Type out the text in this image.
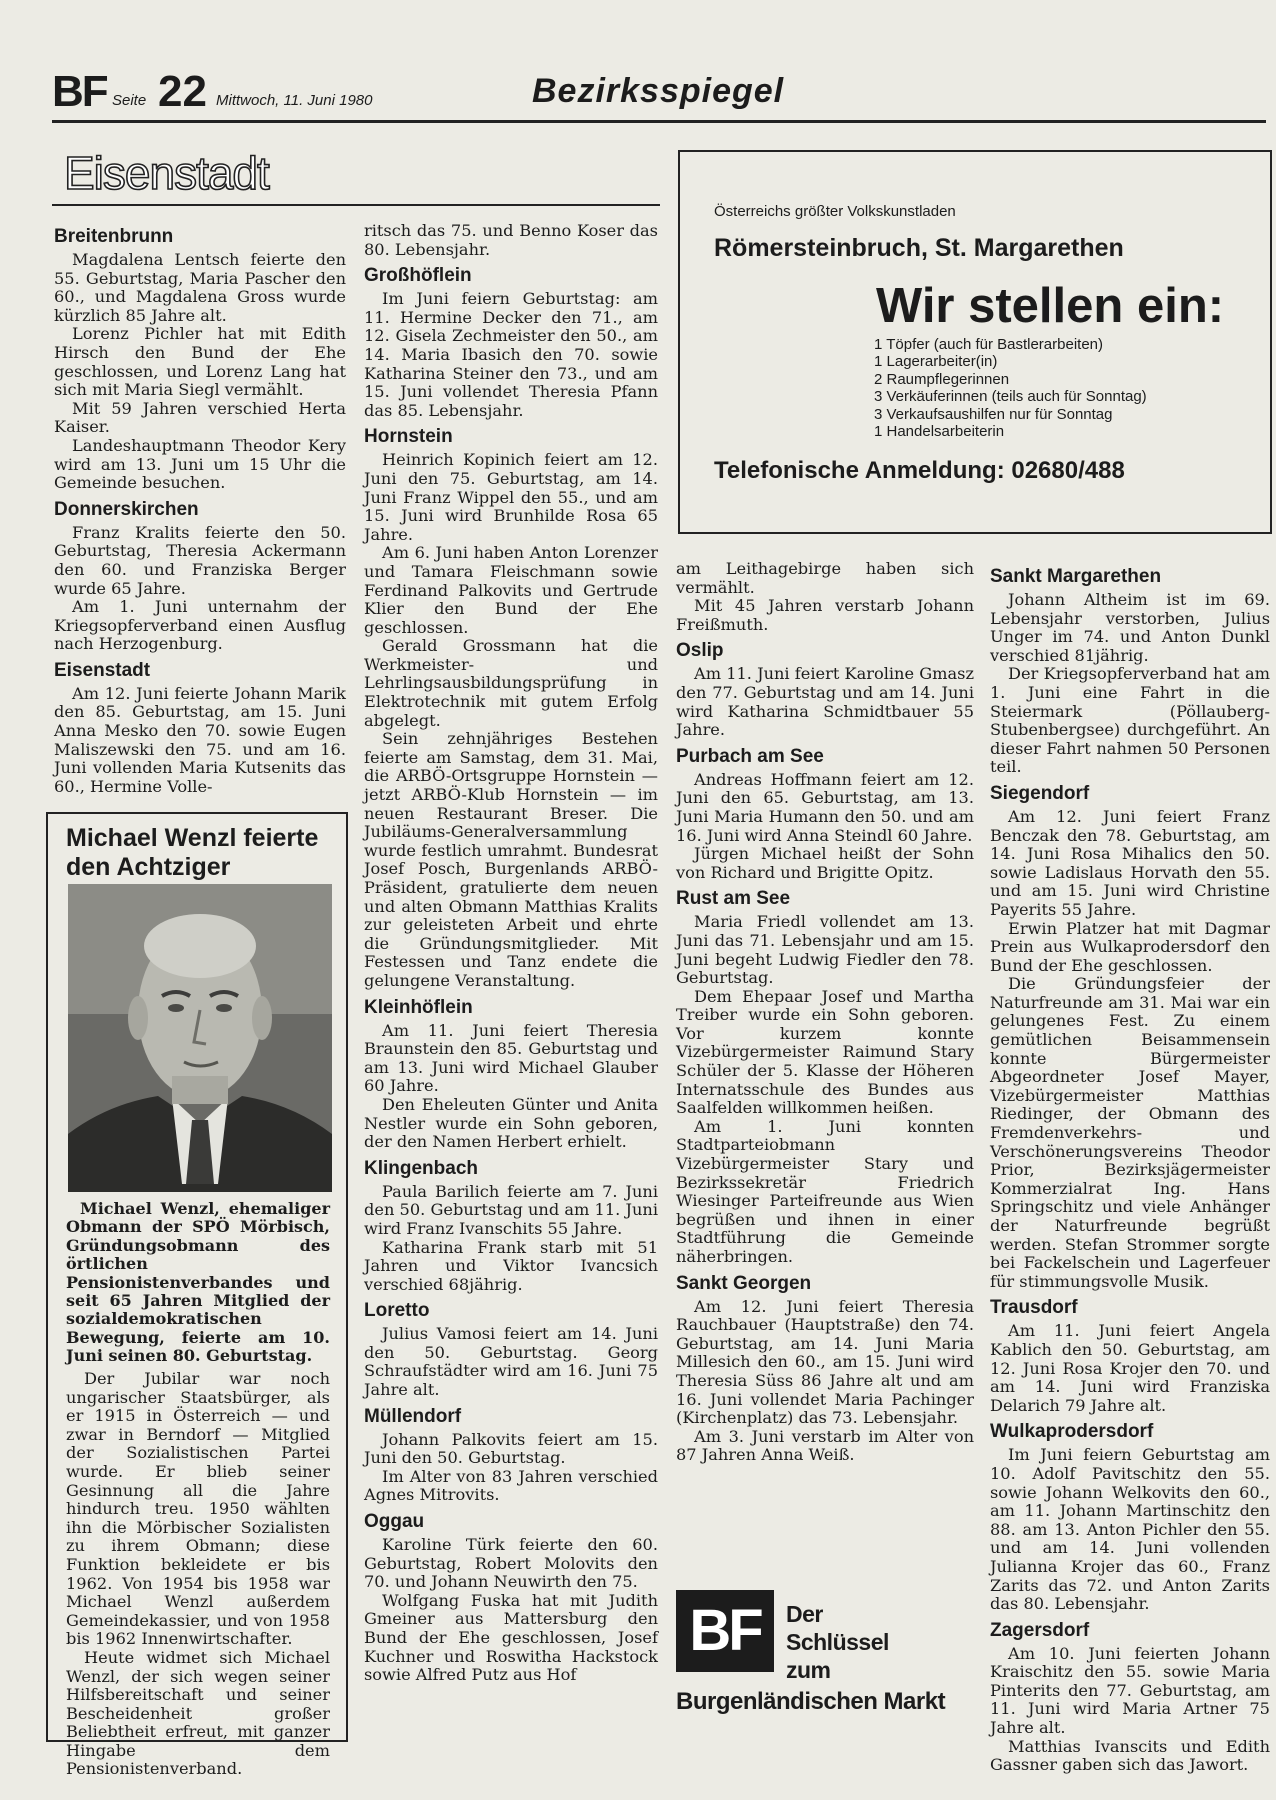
BF Seite 22 Mittwoch, 11. Juni 1980	Bezirksspiegel
Eisenstadt
Österreichs größter Volkskunstladen
Römersteinbruch, St. Margarethen
Wir stellen ein:
1 Töpfer (auch für Bastlerarbeiten)
1 Lagerarbeiter(in)
2 Raumpflegerinnen
3 Verkäuferinnen (teils auch für Sonntag)
3 Verkaufsaushilfen nur für Sonntag
1 Handelsarbeiterin
Telefonische Anmeldung: 02680/488
Breitenbrunn

Magdalena Lentsch feierte den 55. Geburtstag, Maria Pascher den 60., und Magdalena Gross wurde kürzlich 85 Jahre alt.

Lorenz Pichler hat mit Edith Hirsch den Bund der Ehe geschlossen, und Lorenz Lang hat sich mit Maria Siegl vermählt.

Mit 59 Jahren verschied Herta Kaiser.

Landeshauptmann Theodor Kery wird am 13. Juni um 15 Uhr die Gemeinde besuchen.

Donnerskirchen

Franz Kralits feierte den 50. Geburtstag, Theresia Ackermann den 60. und Franziska Berger wurde 65 Jahre.

Am 1. Juni unternahm der Kriegsopferverband einen Ausflug nach Herzogenburg.

Eisenstadt

Am 12. Juni feierte Johann Marik den 85. Geburtstag, am 15. Juni Anna Mesko den 70. sowie Eugen Maliszewski den 75. und am 16. Juni vollenden Maria Kutsenits das 60., Hermine Volle-

Michael Wenzl feierte den Achtziger
Michael Wenzl, ehemaliger Obmann der SPÖ Mörbisch, Gründungsobmann des örtlichen Pensionistenverbandes und seit 65 Jahren Mitglied der sozialdemokratischen Bewegung, feierte am 10. Juni seinen 80. Geburtstag.

Der Jubilar war noch ungarischer Staatsbürger, als er 1915 in Österreich — und zwar in Berndorf — Mitglied der Sozialistischen Partei wurde. Er blieb seiner Gesinnung all die Jahre hindurch treu. 1950 wählten ihn die Mörbischer Sozialisten zu ihrem Obmann; diese Funktion bekleidete er bis 1962. Von 1954 bis 1958 war Michael Wenzl außerdem Gemeindekassier, und von 1958 bis 1962 Innenwirtschafter.

Heute widmet sich Michael Wenzl, der sich wegen seiner Hilfsbereitschaft und seiner Bescheidenheit großer Beliebtheit erfreut, mit ganzer Hingabe dem Pensionistenverband.

ritsch das 75. und Benno Koser das 80. Lebensjahr.

Großhöflein

Im Juni feiern Geburtstag: am 11. Hermine Decker den 71., am 12. Gisela Zechmeister den 50., am 14. Maria Ibasich den 70. sowie Katharina Steiner den 73., und am 15. Juni vollendet Theresia Pfann das 85. Lebensjahr.

Hornstein

Heinrich Kopinich feiert am 12. Juni den 75. Geburtstag, am 14. Juni Franz Wippel den 55., und am 15. Juni wird Brunhilde Rosa 65 Jahre.

Am 6. Juni haben Anton Lorenzer und Tamara Fleischmann sowie Ferdinand Palkovits und Gertrude Klier den Bund der Ehe geschlossen.

Gerald Grossmann hat die Werkmeister- und Lehrlingsausbildungsprüfung in Elektrotechnik mit gutem Erfolg abgelegt.

Sein zehnjähriges Bestehen feierte am Samstag, dem 31. Mai, die ARBÖ-Ortsgruppe Hornstein — jetzt ARBÖ-Klub Hornstein — im neuen Restaurant Breser. Die Jubiläums-Generalversammlung wurde festlich umrahmt. Bundesrat Josef Posch, Burgenlands ARBÖ-Präsident, gratulierte dem neuen und alten Obmann Matthias Kralits zur geleisteten Arbeit und ehrte die Gründungsmitglieder. Mit Festessen und Tanz endete die gelungene Veranstaltung.

Kleinhöflein

Am 11. Juni feiert Theresia Braunstein den 85. Geburtstag und am 13. Juni wird Michael Glauber 60 Jahre.

Den Eheleuten Günter und Anita Nestler wurde ein Sohn geboren, der den Namen Herbert erhielt.

Klingenbach

Paula Barilich feierte am 7. Juni den 50. Geburtstag und am 11. Juni wird Franz Ivanschits 55 Jahre.

Katharina Frank starb mit 51 Jahren und Viktor Ivancsich verschied 68jährig.

Loretto

Julius Vamosi feiert am 14. Juni den 50. Geburtstag. Georg Schraufstädter wird am 16. Juni 75 Jahre alt.

Müllendorf

Johann Palkovits feiert am 15. Juni den 50. Geburtstag.

Im Alter von 83 Jahren verschied Agnes Mitrovits.

Oggau

Karoline Türk feierte den 60. Geburtstag, Robert Molovits den 70. und Johann Neuwirth den 75.

Wolfgang Fuska hat mit Judith Gmeiner aus Mattersburg den Bund der Ehe geschlossen, Josef Kuchner und Roswitha Hackstock sowie Alfred Putz aus Hof

am Leithagebirge haben sich vermählt.

Mit 45 Jahren verstarb Johann Freißmuth.

Oslip

Am 11. Juni feiert Karoline Gmasz den 77. Geburtstag und am 14. Juni wird Katharina Schmidtbauer 55 Jahre.

Purbach am See

Andreas Hoffmann feiert am 12. Juni den 65. Geburtstag, am 13. Juni Maria Humann den 50. und am 16. Juni wird Anna Steindl 60 Jahre.

Jürgen Michael heißt der Sohn von Richard und Brigitte Opitz.

Rust am See

Maria Friedl vollendet am 13. Juni das 71. Lebensjahr und am 15. Juni begeht Ludwig Fiedler den 78. Geburtstag.

Dem Ehepaar Josef und Martha Treiber wurde ein Sohn geboren. Vor kurzem konnte Vizebürgermeister Raimund Stary Schüler der 5. Klasse der Höheren Internatsschule des Bundes aus Saalfelden willkommen heißen.

Am 1. Juni konnten Stadtparteiobmann Vizebürgermeister Stary und Bezirkssekretär Friedrich Wiesinger Parteifreunde aus Wien begrüßen und ihnen in einer Stadtführung die Gemeinde näherbringen.

Sankt Georgen

Am 12. Juni feiert Theresia Rauchbauer (Hauptstraße) den 74. Geburtstag, am 14. Juni Maria Millesich den 60., am 15. Juni wird Theresia Süss 86 Jahre alt und am 16. Juni vollendet Maria Pachinger (Kirchenplatz) das 73. Lebensjahr.

Am 3. Juni verstarb im Alter von 87 Jahren Anna Weiß.

BF	Der
Schlüssel
zum
Burgenländischen Markt
Sankt Margarethen

Johann Altheim ist im 69. Lebensjahr verstorben, Julius Unger im 74. und Anton Dunkl verschied 81jährig.

Der Kriegsopferverband hat am 1. Juni eine Fahrt in die Steiermark (Pöllauberg-Stubenbergsee) durchgeführt. An dieser Fahrt nahmen 50 Personen teil.

Siegendorf

Am 12. Juni feiert Franz Benczak den 78. Geburtstag, am 14. Juni Rosa Mihalics den 50. sowie Ladislaus Horvath den 55. und am 15. Juni wird Christine Payerits 55 Jahre.

Erwin Platzer hat mit Dagmar Prein aus Wulkaprodersdorf den Bund der Ehe geschlossen.

Die Gründungsfeier der Naturfreunde am 31. Mai war ein gelungenes Fest. Zu einem gemütlichen Beisammensein konnte Bürgermeister Abgeordneter Josef Mayer, Vizebürgermeister Matthias Riedinger, der Obmann des Fremdenverkehrs- und Verschönerungsvereins Theodor Prior, Bezirksjägermeister Kommerzialrat Ing. Hans Springschitz und viele Anhänger der Naturfreunde begrüßt werden. Stefan Strommer sorgte bei Fackelschein und Lagerfeuer für stimmungsvolle Musik.

Trausdorf

Am 11. Juni feiert Angela Kablich den 50. Geburtstag, am 12. Juni Rosa Krojer den 70. und am 14. Juni wird Franziska Delarich 79 Jahre alt.

Wulkaprodersdorf

Im Juni feiern Geburtstag am 10. Adolf Pavitschitz den 55. sowie Johann Welkovits den 60., am 11. Johann Martinschitz den 88. am 13. Anton Pichler den 55. und am 14. Juni vollenden Julianna Krojer das 60., Franz Zarits das 72. und Anton Zarits das 80. Lebensjahr.

Zagersdorf

Am 10. Juni feierten Johann Kraischitz den 55. sowie Maria Pinterits den 77. Geburtstag, am 11. Juni wird Maria Artner 75 Jahre alt.

Matthias Ivanscits und Edith Gassner gaben sich das Jawort.
